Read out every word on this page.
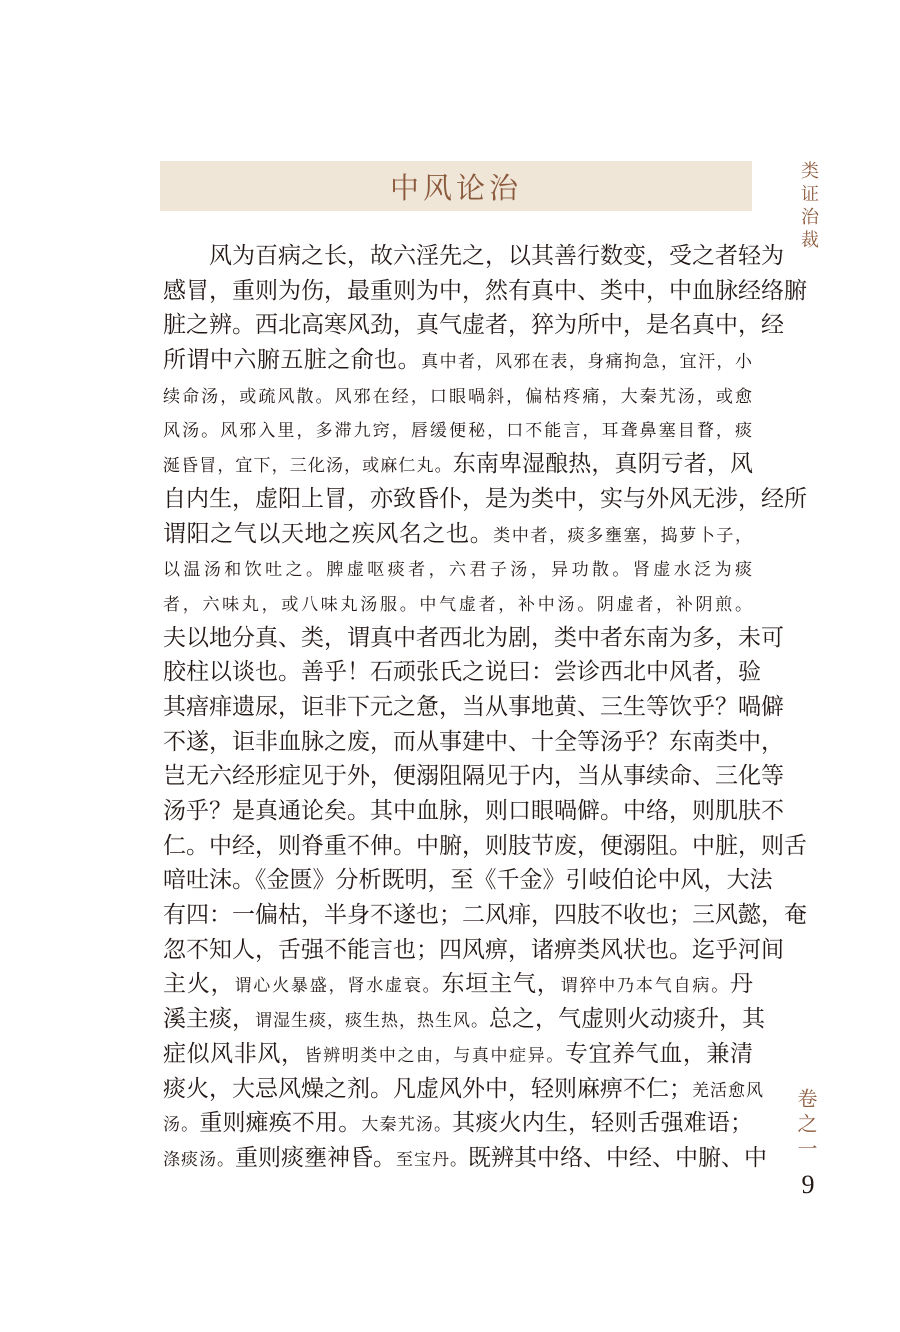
中风论治	类证治裁
卷之一
9
风为百病之长，故六淫先之，以其善行数变，受之者轻为
感冒，重则为伤，最重则为中，然有真中、类中，中血脉经络腑
脏之辨。西北高寒风劲，真气虚者，猝为所中，是名真中，经
所谓中六腑五脏之俞也。真中者，风邪在表，身痛拘急，宜汗，小
续命汤，或疏风散。风邪在经，口眼喎斜，偏枯疼痛，大秦艽汤，或愈
风汤。风邪入里，多滞九窍，唇缓便秘，口不能言，耳聋鼻塞目瞀，痰
涎昏冒，宜下，三化汤，或麻仁丸。东南卑湿酿热，真阴亏者，风
自内生，虚阳上冒，亦致昏仆，是为类中，实与外风无涉，经所
谓阳之气以天地之疾风名之也。类中者，痰多壅塞，捣萝卜子，
以温汤和饮吐之。脾虚呕痰者，六君子汤，异功散。肾虚水泛为痰
者，六味丸，或八味丸汤服。中气虚者，补中汤。阴虚者，补阴煎。
夫以地分真、类，谓真中者西北为剧，类中者东南为多，未可
胶柱以谈也。善乎！石顽张氏之说曰：尝诊西北中风者，验
其瘖痱遗尿，讵非下元之惫，当从事地黄、三生等饮乎？喎僻
不遂，讵非血脉之废，而从事建中、十全等汤乎？东南类中，
岂无六经形症见于外，便溺阻隔见于内，当从事续命、三化等
汤乎？是真通论矣。其中血脉，则口眼喎僻。中络，则肌肤不
仁。中经，则脊重不伸。中腑，则肢节废，便溺阻。中脏，则舌
喑吐沫。《金匮》分析既明，至《千金》引岐伯论中风，大法
有四：一偏枯，半身不遂也；二风痱，四肢不收也；三风懿，奄
忽不知人，舌强不能言也；四风痹，诸痹类风状也。迄乎河间
主火，谓心火暴盛，肾水虚衰。东垣主气，谓猝中乃本气自病。丹
溪主痰，谓湿生痰，痰生热，热生风。总之，气虚则火动痰升，其
症似风非风，皆辨明类中之由，与真中症异。专宜养气血，兼清
痰火，大忌风燥之剂。凡虚风外中，轻则麻痹不仁；羌活愈风
汤。重则瘫痪不用。大秦艽汤。其痰火内生，轻则舌强难语；
涤痰汤。重则痰壅神昏。至宝丹。既辨其中络、中经、中腑、中
